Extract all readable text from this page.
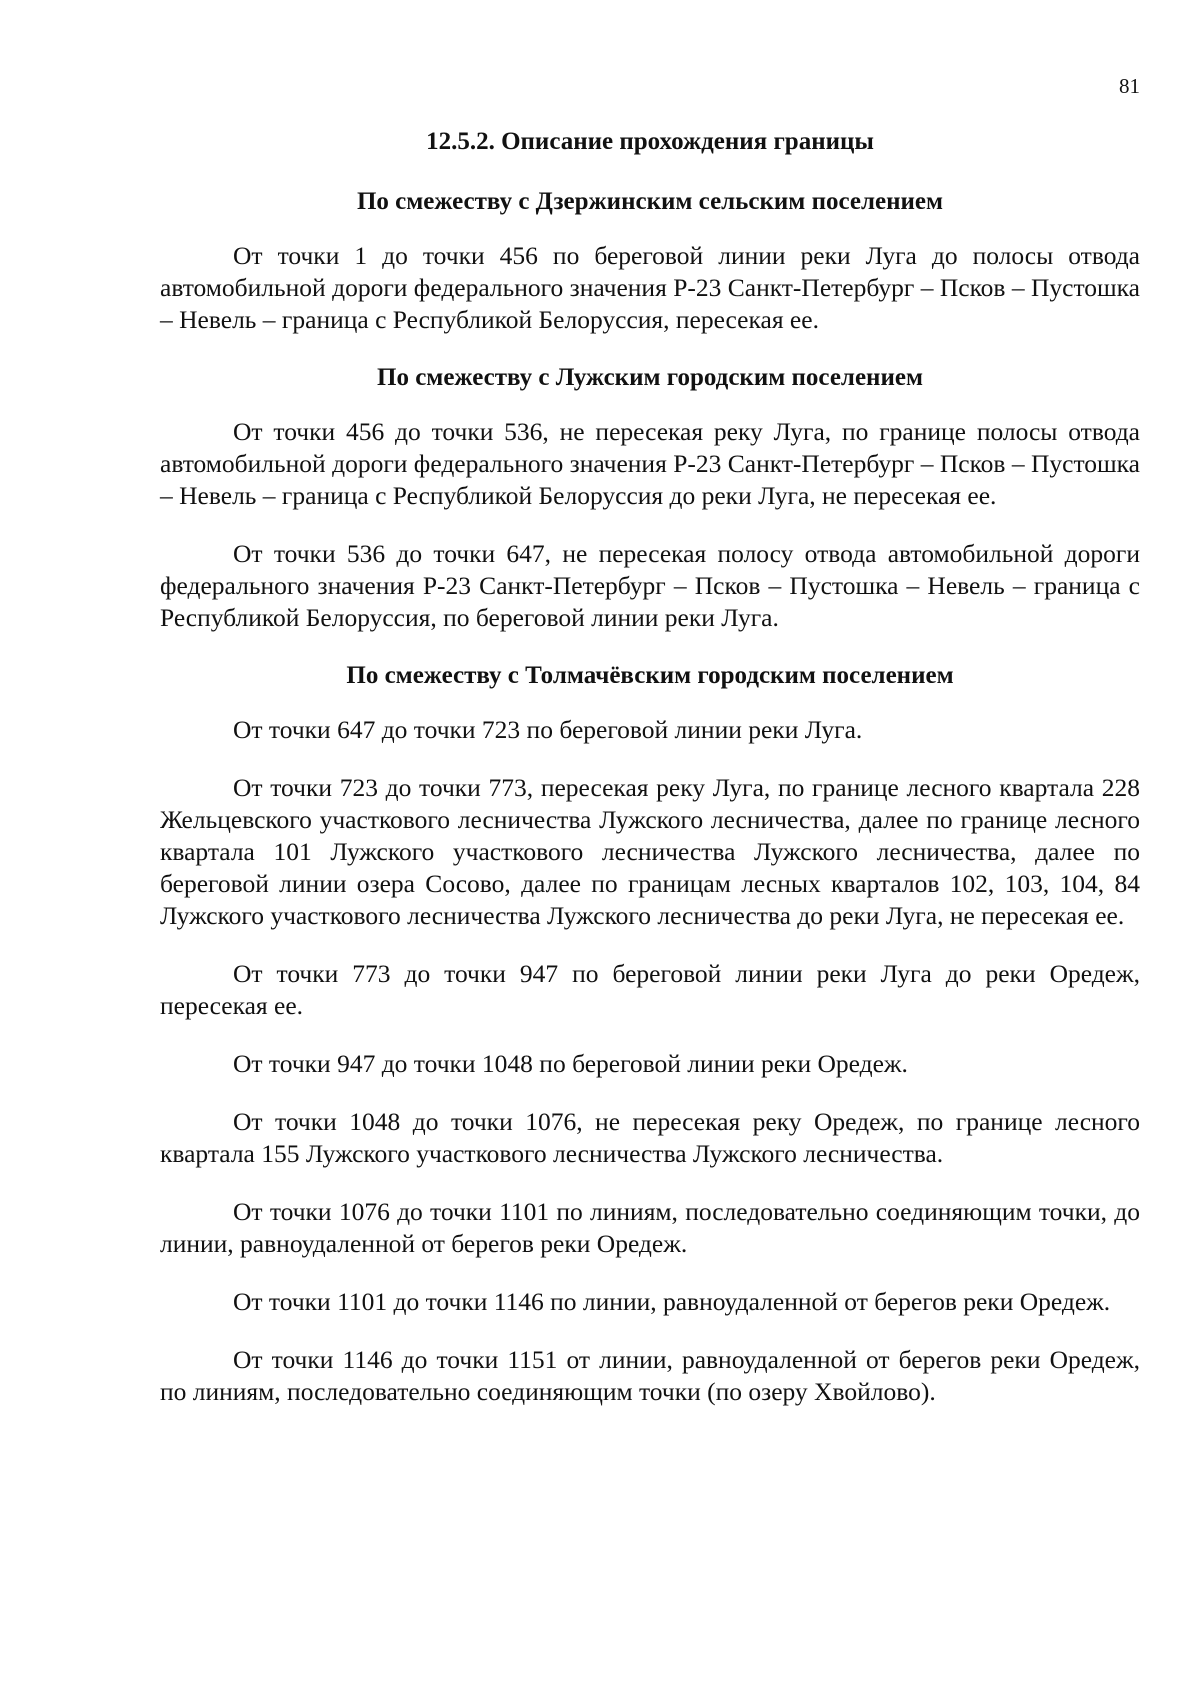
81
12.5.2. Описание прохождения границы
По смежеству с Дзержинским сельским поселением

От точки 1 до точки 456 по береговой линии реки Луга до полосы отвода автомобильной дороги федерального значения Р-23 Санкт-Петербург – Псков – Пустошка – Невель – граница с Республикой Белоруссия, пересекая ее.

По смежеству с Лужским городским поселением

От точки 456 до точки 536, не пересекая реку Луга, по границе полосы отвода автомобильной дороги федерального значения Р-23 Санкт-Петербург – Псков – Пустошка – Невель – граница с Республикой Белоруссия до реки Луга, не пересекая ее.

От точки 536 до точки 647, не пересекая полосу отвода автомобильной дороги федерального значения Р-23 Санкт-Петербург – Псков – Пустошка – Невель – граница с Республикой Белоруссия, по береговой линии реки Луга.

По смежеству с Толмачёвским городским поселением

От точки 647 до точки 723 по береговой линии реки Луга.

От точки 723 до точки 773, пересекая реку Луга, по границе лесного квартала 228 Жельцевского участкового лесничества Лужского лесничества, далее по границе лесного квартала 101 Лужского участкового лесничества Лужского лесничества, далее по береговой линии озера Сосово, далее по границам лесных кварталов 102, 103, 104, 84 Лужского участкового лесничества Лужского лесничества до реки Луга, не пересекая ее.

От точки 773 до точки 947 по береговой линии реки Луга до реки Оредеж, пересекая ее.

От точки 947 до точки 1048 по береговой линии реки Оредеж.

От точки 1048 до точки 1076, не пересекая реку Оредеж, по границе лесного квартала 155 Лужского участкового лесничества Лужского лесничества.

От точки 1076 до точки 1101 по линиям, последовательно соединяющим точки, до линии, равноудаленной от берегов реки Оредеж.

От точки 1101 до точки 1146 по линии, равноудаленной от берегов реки Оредеж.

От точки 1146 до точки 1151 от линии, равноудаленной от берегов реки Оредеж, по линиям, последовательно соединяющим точки (по озеру Хвойлово).
